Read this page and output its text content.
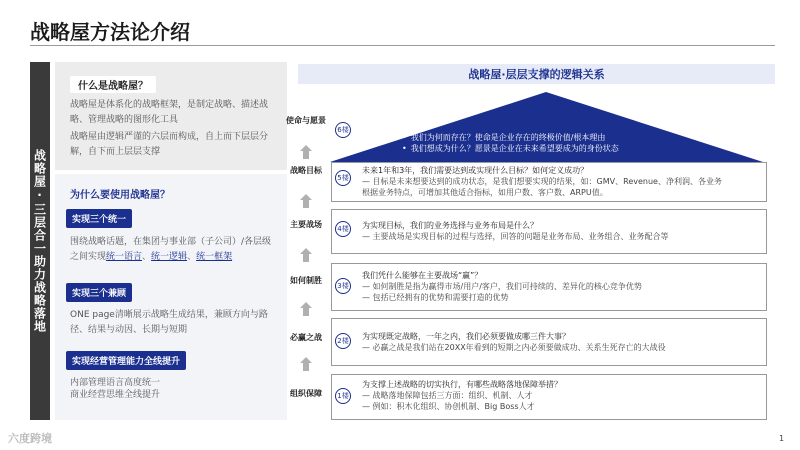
战略屋方法论介绍
战略屋·三层合一助力战略落地
什么是战略屋？
战略屋是体系化的战略框架，是制定战略、描述战略、管理战略的图形化工具
战略屋由逻辑严谨的六层而构成，自上而下层层分解，自下而上层层支撑
为什么要使用战略屋？
实现三个统一
围绕战略话题，在集团与事业部（子公司）/各层级之间实现统一语言、统一逻辑、统一框架
实现三个兼顾
ONE page清晰展示战略生成结果，兼顾方向与路径、结果与动因、长期与短期
实现经营管理能力全线提升
内部管理语言高度统一
商业经营思维全线提升
战略屋·层层支撑的逻辑关系
• 我们为何而存在？使命是企业存在的终极价值/根本理由
• 我们想成为什么？愿景是企业在未来希望要成为的身份状态
使命与愿景
6楼
战略目标	未来1年和3年，我们需要达到或实现什么目标？如何定义成功？
— 目标是未来想要达到的成功状态，是我们想要实现的结果，如：GMV、Revenue、净利润、各业务
根据业务特点，可增加其他适合指标，如用户数、客户数、ARPU值。
5楼
主要战场	为实现目标，我们的业务选择与业务布局是什么？
— 主要战场是实现目标的过程与选择，回答的问题是业务布局、业务组合、业务配合等
4楼
如何制胜
我们凭什么能够在主要战场“赢”？
— 如何制胜是指为赢得市场/用户/客户，我们可持续的、差异化的核心竞争优势
— 包括已经拥有的优势和需要打造的优势
3楼
必赢之战	为实现既定战略，一年之内，我们必须要做成哪三件大事？
— 必赢之战是我们站在20XX年看到的短期之内必须要做成功、关系生死存亡的大战役
2楼
组织保障
为支撑上述战略的切实执行，有哪些战略落地保障举措？
— 战略落地保障包括三方面：组织、机制、人才
— 例如：积木化组织、协创机制、Big Boss人才
1楼
六度跨境	1
